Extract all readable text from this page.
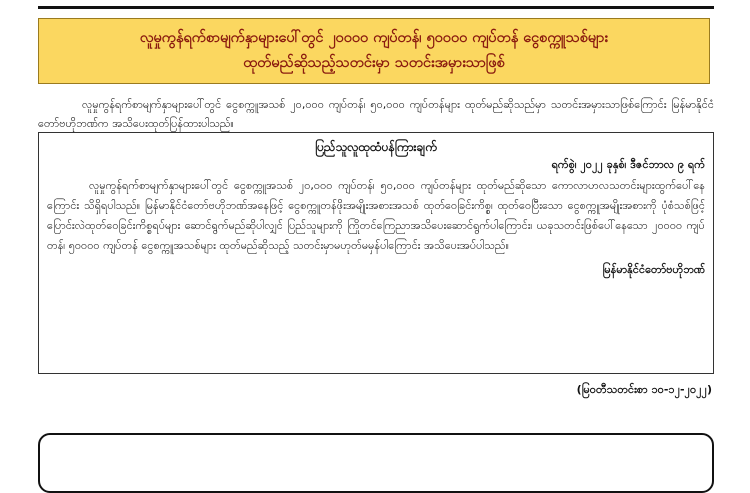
လူမှုကွန်ရက်စာမျက်နှာများပေါ်တွင် ၂၀၀၀၀ ကျပ်တန်၊ ၅၀၀၀၀ ကျပ်တန် ငွေစက္ကူသစ်များ
ထုတ်မည်ဆိုသည့်သတင်းမှာ သတင်းအမှားသာဖြစ်

လူမှုကွန်ရက်စာမျက်နှာများပေါ်တွင် ငွေစက္ကူအသစ် ၂၀,၀၀၀ ကျပ်တန်၊ ၅၀,၀၀၀ ကျပ်တန်များ ထုတ်မည်ဆိုသည်မှာ သတင်းအမှားသာဖြစ်ကြောင်း မြန်မာနိုင်ငံတော်ဗဟိုဘဏ်က အသိပေးထုတ်ပြန်ထားပါသည်။

ပြည်သူလူထုထံပန်ကြားချက်
ရက်စွဲ၊ ၂၀၂၂ ခုနှစ်၊ ဒီဇင်ဘာလ ၉ ရက်
လူမှုကွန်ရက်စာမျက်နှာများပေါ်တွင် ငွေစက္ကူအသစ် ၂၀,၀၀၀ ကျပ်တန်၊ ၅၀,၀၀၀ ကျပ်တန်များ ထုတ်မည်ဆိုသော ကောလာဟလသတင်းများထွက်ပေါ်နေကြောင်း သိရှိရပါသည်။ မြန်မာနိုင်ငံတော်ဗဟိုဘဏ်အနေဖြင့် ငွေစက္ကူတန်ဖိုးအမျိုးအစားအသစ် ထုတ်ဝေခြင်းကိစ္စ၊ ထုတ်ဝေပြီးသော ငွေစက္ကူအမျိုးအစားကို ပုံစံသစ်ဖြင့် ပြောင်းလဲထုတ်ဝေခြင်းကိစ္စရပ်များ ဆောင်ရွက်မည်ဆိုပါလျှင် ပြည်သူများကို ကြိုတင်ကြေညာအသိပေးဆောင်ရွက်ပါကြောင်း၊ ယခုသတင်းဖြစ်ပေါ်နေသော ၂၀၀၀၀ ကျပ်တန်၊ ၅၀၀၀၀ ကျပ်တန် ငွေစက္ကူအသစ်များ ထုတ်မည်ဆိုသည့် သတင်းမှာမဟုတ်မမှန်ပါကြောင်း အသိပေးအပ်ပါသည်။
မြန်မာနိုင်ငံတော်ဗဟိုဘဏ်
(မြဝတီသတင်းစာ ၁၀-၁၂-၂၀၂၂)
